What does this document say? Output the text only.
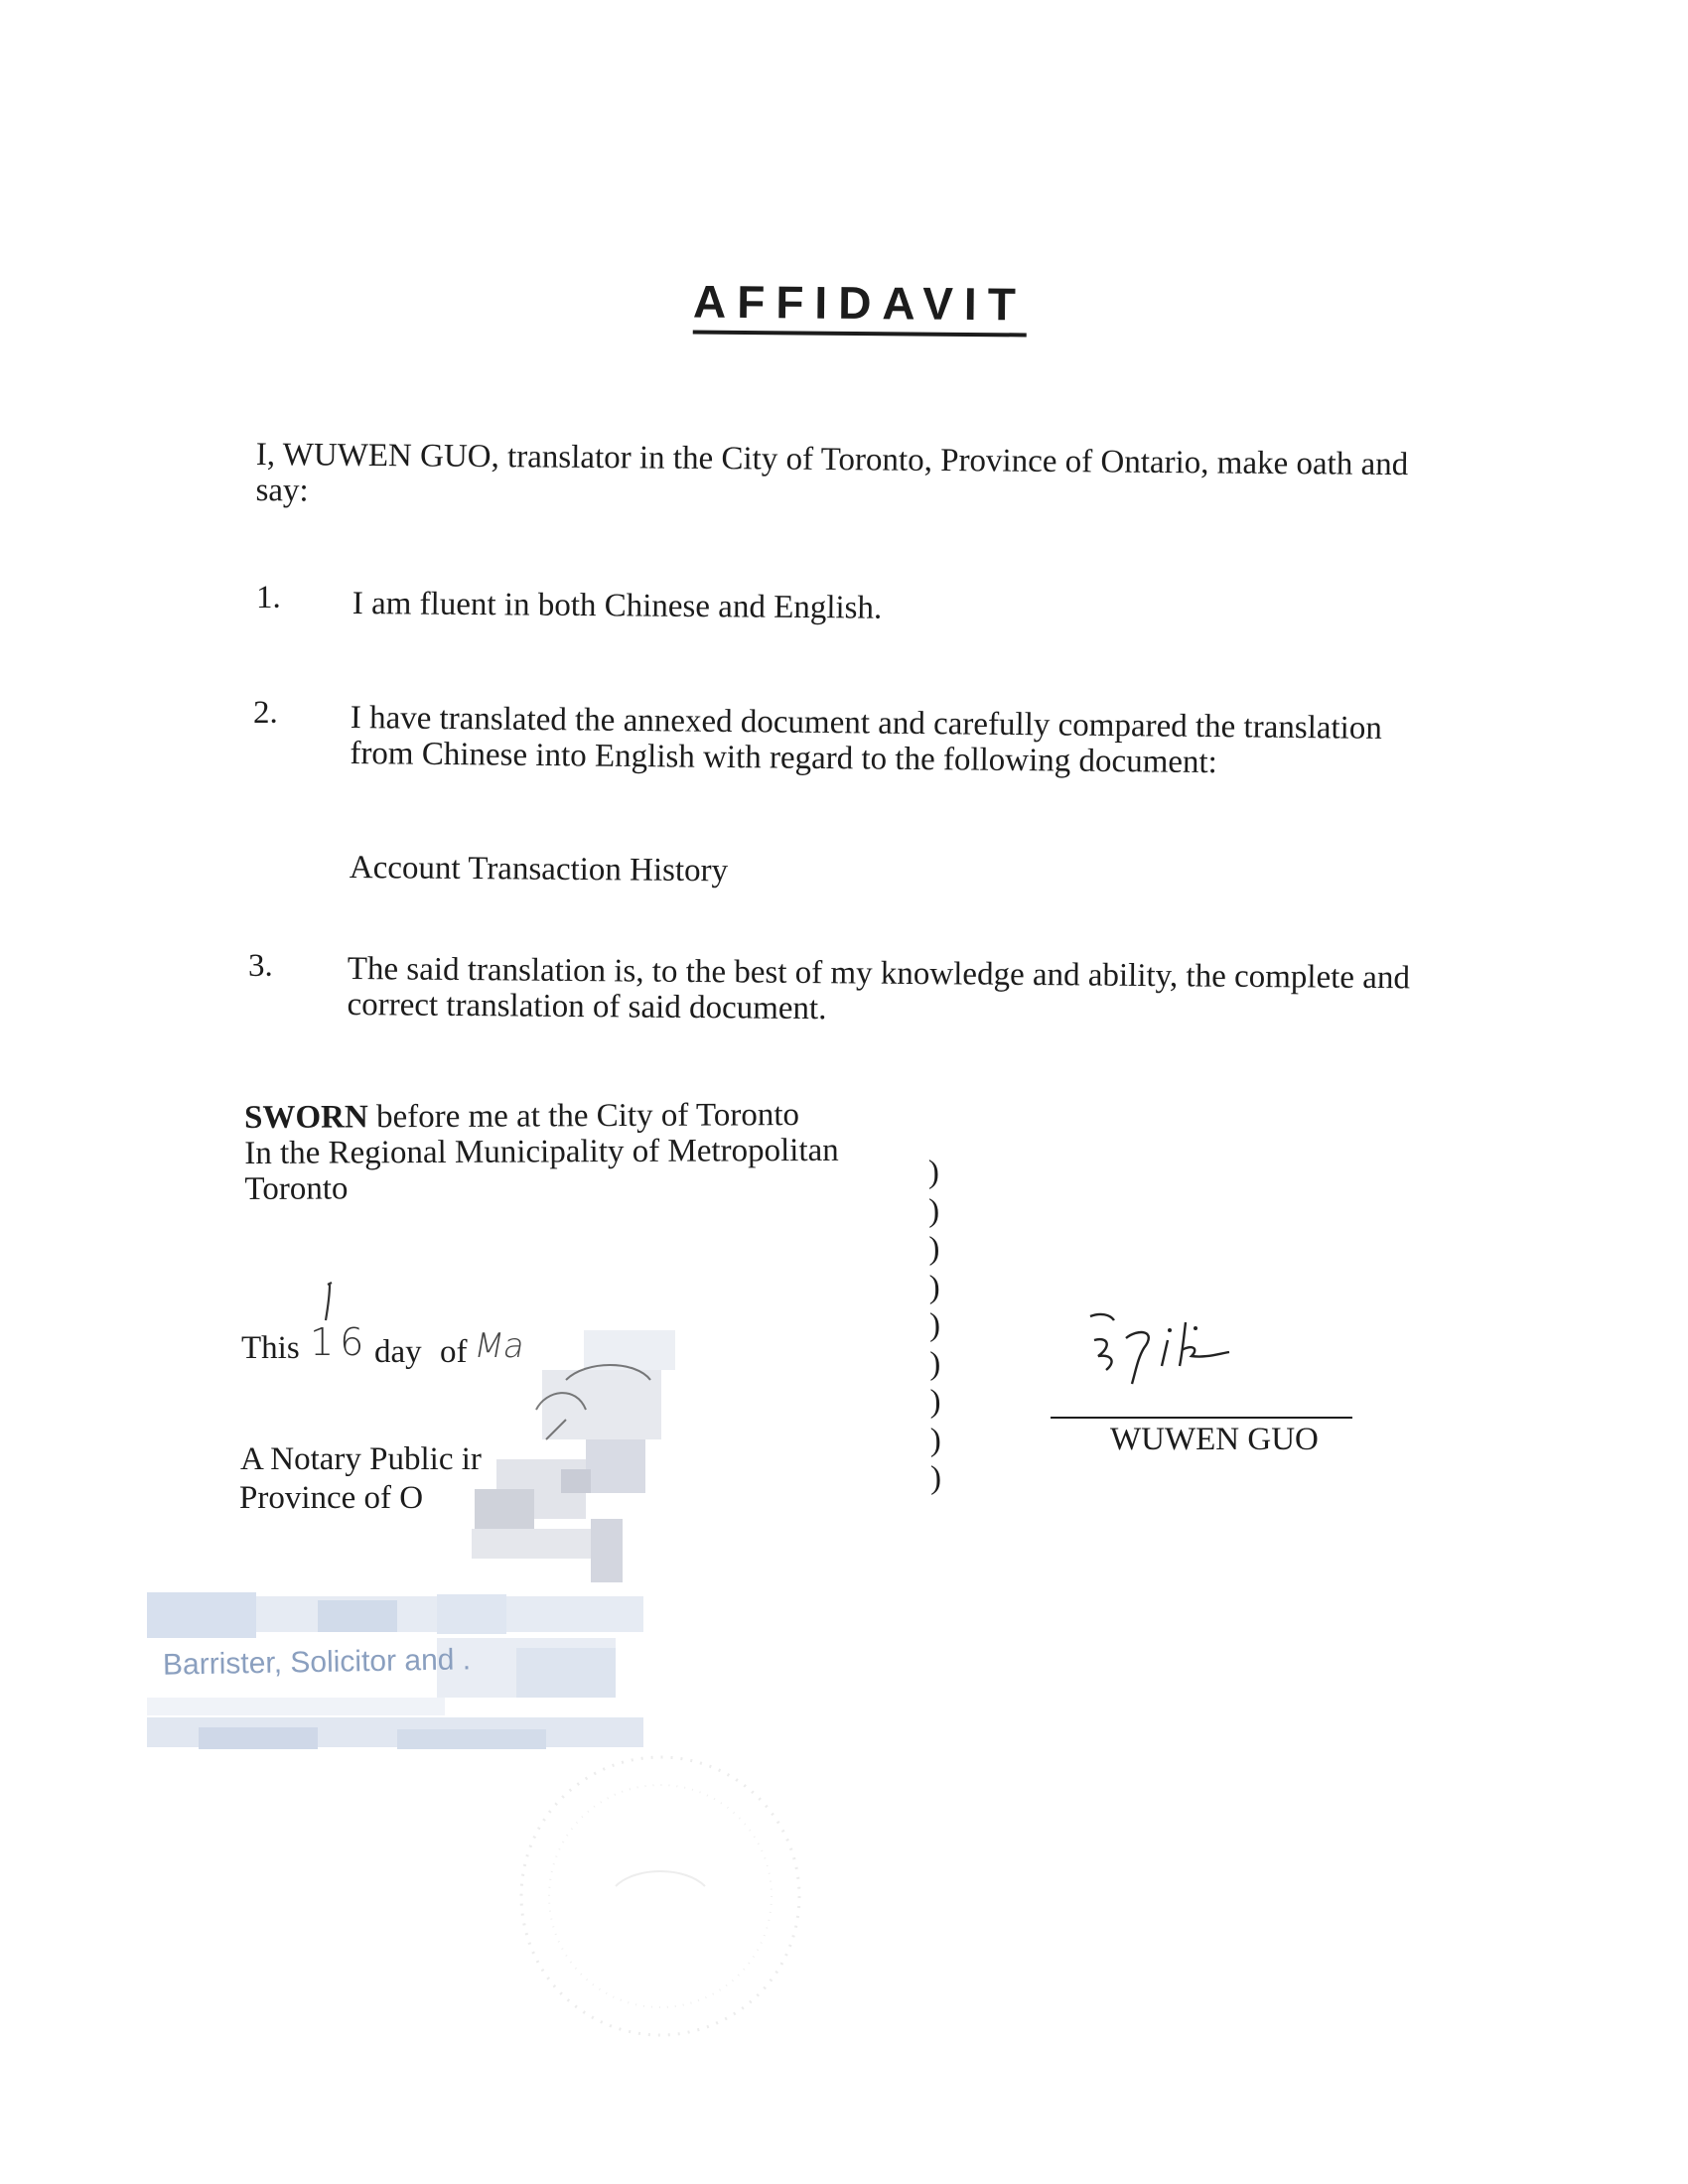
AFFIDAVIT
I, WUWEN GUO, translator in the City of Toronto, Province of Ontario, make oath and
say:
1. I am fluent in both Chinese and English.
2. I have translated the annexed document and carefully compared the translation
from Chinese into English with regard to the following document:
Account Transaction History
3. The said translation is, to the best of my knowledge and ability, the complete and
correct translation of said document.
SWORN before me at the City of Toronto
In the Regional Municipality of Metropolitan
Toronto
This 16 day of Ma
A Notary Public ir
Province of O
)
)
)
)
)
)
)
)
)
WUWEN GUO
Barrister, Solicitor and .
